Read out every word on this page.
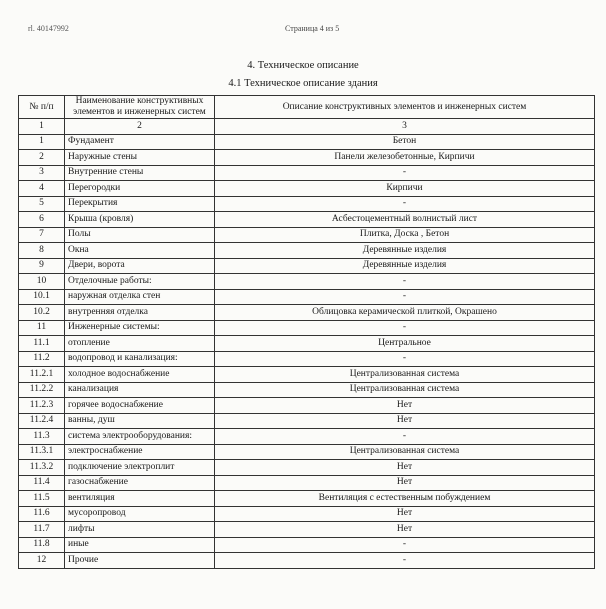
rl. 40147992	Страница 4 из 5
4. Техническое описание
4.1 Техническое описание здания
№ п/п	Наименование конструктивных элементов и инженерных систем	Описание конструктивных элементов и инженерных систем
1	2	3
1	Фундамент	Бетон
2	Наружные стены	Панели железобетонные, Кирпичи
3	Внутренние стены	-
4	Перегородки	Кирпичи
5	Перекрытия	-
6	Крыша (кровля)	Асбестоцементный волнистый лист
7	Полы	Плитка, Доска , Бетон
8	Окна	Деревянные изделия
9	Двери, ворота	Деревянные изделия
10	Отделочные работы:	-
10.1	наружная отделка стен	-
10.2	внутренняя отделка	Облицовка керамической плиткой, Окрашено
11	Инженерные системы:	-
11.1	отопление	Центральное
11.2	водопровод и канализация:	-
11.2.1	холодное водоснабжение	Централизованная система
11.2.2	канализация	Централизованная система
11.2.3	горячее водоснабжение	Нет
11.2.4	ванны, душ	Нет
11.3	система электрооборудования:	-
11.3.1	электроснабжение	Централизованная система
11.3.2	подключение электроплит	Нет
11.4	газоснабжение	Нет
11.5	вентиляция	Вентиляция с естественным побуждением
11.6	мусоропровод	Нет
11.7	лифты	Нет
11.8	иные	-
12	Прочие	-
